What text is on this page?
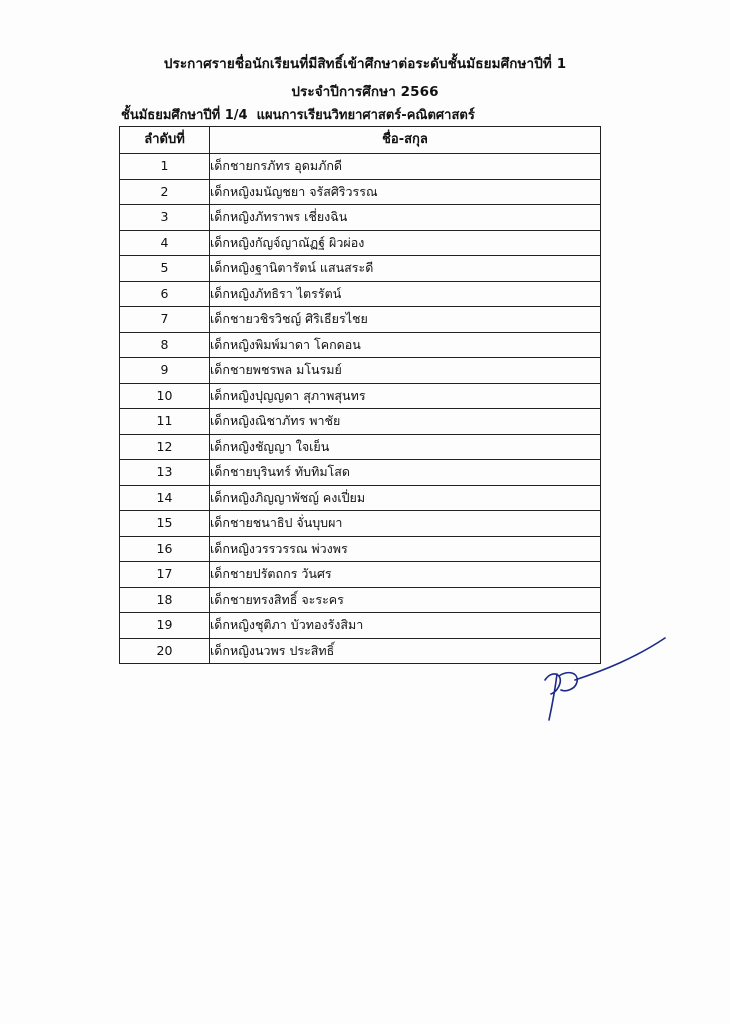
ประกาศรายชื่อนักเรียนที่มีสิทธิ์เข้าศึกษาต่อระดับชั้นมัธยมศึกษาปีที่ 1
ประจำปีการศึกษา 2566
ชั้นมัธยมศึกษาปีที่ 1/4  แผนการเรียนวิทยาศาสตร์-คณิตศาสตร์
ลำดับที่	ชื่อ-สกุล
1	เด็กชายกรภัทร อุดมภักดี
2	เด็กหญิงมนัญชยา จรัสศิริวรรณ
3	เด็กหญิงภัทราพร เชี่ยงฉิน
4	เด็กหญิงกัญจ์ญาณัฏฐ์ ผิวผ่อง
5	เด็กหญิงฐานิตารัตน์ แสนสระดี
6	เด็กหญิงภัทธิรา ไตรรัตน์
7	เด็กชายวชิรวิชญ์ ศิริเธียรไชย
8	เด็กหญิงพิมพ์มาดา โคกดอน
9	เด็กชายพชรพล มโนรมย์
10	เด็กหญิงปุญญดา สุภาพสุนทร
11	เด็กหญิงณิชาภัทร พาชัย
12	เด็กหญิงชัญญา ใจเย็น
13	เด็กชายบุรินทร์ ทับทิมโสด
14	เด็กหญิงภิญญาพัชญ์ คงเปี่ยม
15	เด็กชายชนาธิป จั่นบุบผา
16	เด็กหญิงวรรวรรณ พ่วงพร
17	เด็กชายปรัตถกร วันศร
18	เด็กชายทรงสิทธิ์ จะระคร
19	เด็กหญิงชุติภา บัวทองรังสิมา
20	เด็กหญิงนวพร ประสิทธิ์
